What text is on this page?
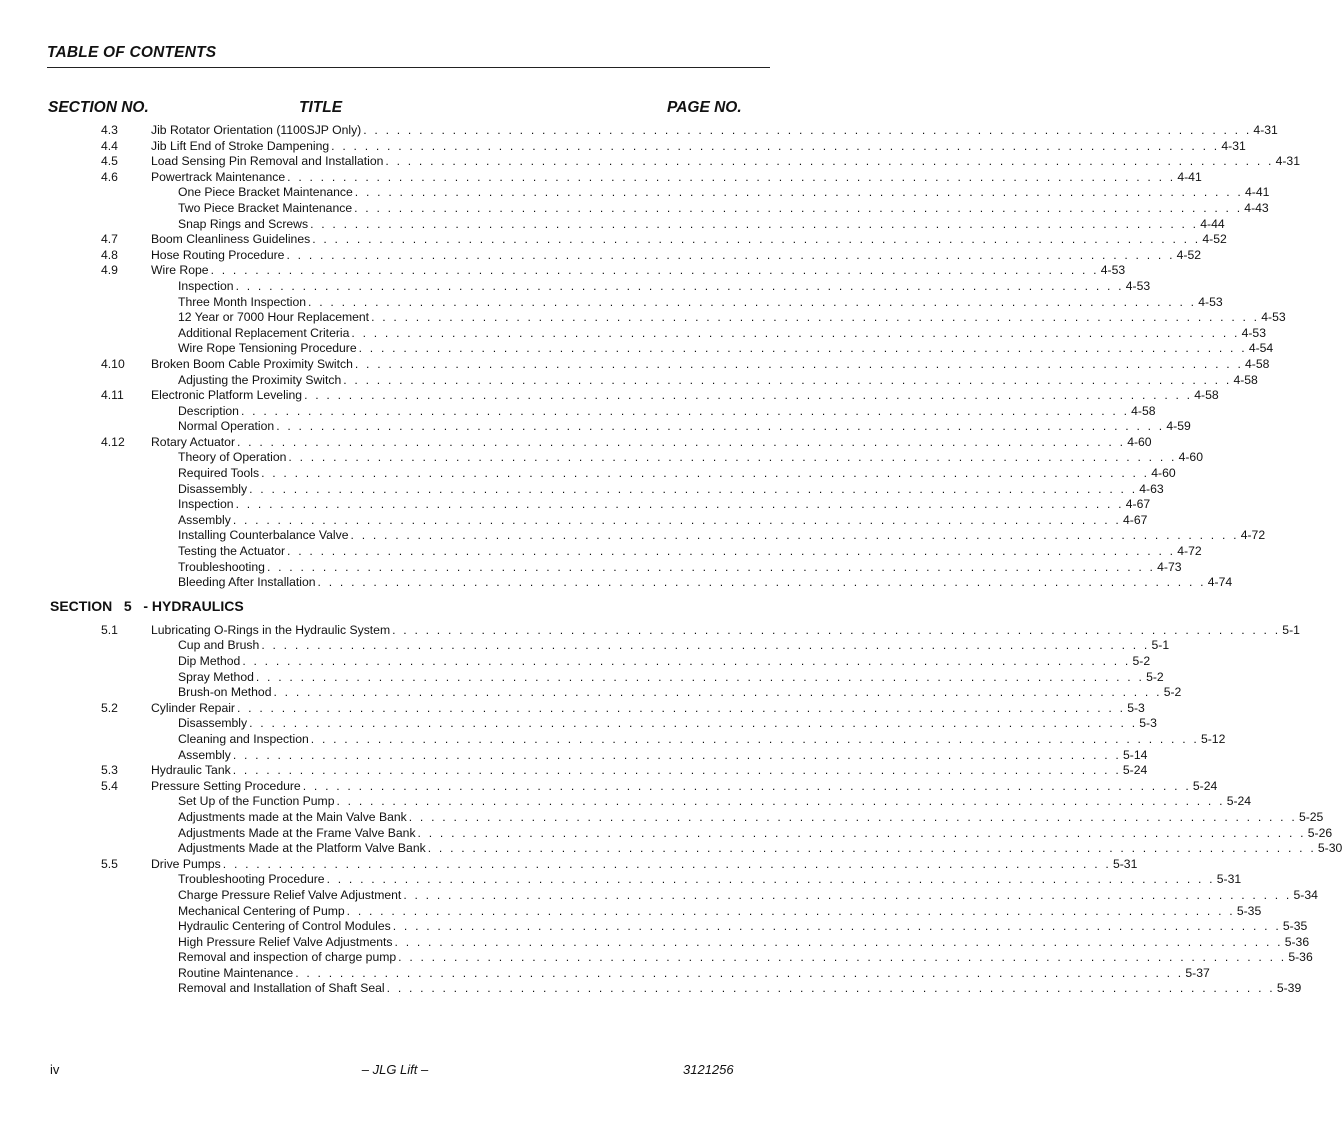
TABLE OF CONTENTS
SECTION NO.	TITLE	PAGE NO.
4.3	Jib Rotator Orientation (1100SJP Only) . . . . . . . . . . . . . . . . . . . . . . . . . . . . . . . . . . . . . . . . . . . . . . . . . . . . . . . . . . . . . . . . . . . . . . . . . . . . . . . . 4-31
4.4	Jib Lift End of Stroke Dampening . . . . . . . . . . . . . . . . . . . . . . . . . . . . . . . . . . . . . . . . . . . . . . . . . . . . . . . . . . . . . . . . . . . . . . . . . . . . . . . . 4-31
4.5	Load Sensing Pin Removal and Installation . . . . . . . . . . . . . . . . . . . . . . . . . . . . . . . . . . . . . . . . . . . . . . . . . . . . . . . . . . . . . . . . . . . . . . . . . . . . . . . . 4-31
4.6	Powertrack Maintenance . . . . . . . . . . . . . . . . . . . . . . . . . . . . . . . . . . . . . . . . . . . . . . . . . . . . . . . . . . . . . . . . . . . . . . . . . . . . . . . . 4-41
One Piece Bracket Maintenance . . . . . . . . . . . . . . . . . . . . . . . . . . . . . . . . . . . . . . . . . . . . . . . . . . . . . . . . . . . . . . . . . . . . . . . . . . . . . . . . 4-41
Two Piece Bracket Maintenance . . . . . . . . . . . . . . . . . . . . . . . . . . . . . . . . . . . . . . . . . . . . . . . . . . . . . . . . . . . . . . . . . . . . . . . . . . . . . . . . 4-43
Snap Rings and Screws . . . . . . . . . . . . . . . . . . . . . . . . . . . . . . . . . . . . . . . . . . . . . . . . . . . . . . . . . . . . . . . . . . . . . . . . . . . . . . . . 4-44
4.7	Boom Cleanliness Guidelines . . . . . . . . . . . . . . . . . . . . . . . . . . . . . . . . . . . . . . . . . . . . . . . . . . . . . . . . . . . . . . . . . . . . . . . . . . . . . . . . 4-52
4.8	Hose Routing Procedure . . . . . . . . . . . . . . . . . . . . . . . . . . . . . . . . . . . . . . . . . . . . . . . . . . . . . . . . . . . . . . . . . . . . . . . . . . . . . . . . 4-52
4.9	Wire Rope . . . . . . . . . . . . . . . . . . . . . . . . . . . . . . . . . . . . . . . . . . . . . . . . . . . . . . . . . . . . . . . . . . . . . . . . . . . . . . . . 4-53
Inspection . . . . . . . . . . . . . . . . . . . . . . . . . . . . . . . . . . . . . . . . . . . . . . . . . . . . . . . . . . . . . . . . . . . . . . . . . . . . . . . . 4-53
Three Month Inspection . . . . . . . . . . . . . . . . . . . . . . . . . . . . . . . . . . . . . . . . . . . . . . . . . . . . . . . . . . . . . . . . . . . . . . . . . . . . . . . . 4-53
12 Year or 7000 Hour Replacement . . . . . . . . . . . . . . . . . . . . . . . . . . . . . . . . . . . . . . . . . . . . . . . . . . . . . . . . . . . . . . . . . . . . . . . . . . . . . . . . 4-53
Additional Replacement Criteria . . . . . . . . . . . . . . . . . . . . . . . . . . . . . . . . . . . . . . . . . . . . . . . . . . . . . . . . . . . . . . . . . . . . . . . . . . . . . . . . 4-53
Wire Rope Tensioning Procedure . . . . . . . . . . . . . . . . . . . . . . . . . . . . . . . . . . . . . . . . . . . . . . . . . . . . . . . . . . . . . . . . . . . . . . . . . . . . . . . . 4-54
4.10 Broken Boom Cable Proximity Switch . . . . . . . . . . . . . . . . . . . . . . . . . . . . . . . . . . . . . . . . . . . . . . . . . . . . . . . . . . . . . . . . . . . . . . . . . . . . . . . . 4-58
Adjusting the Proximity Switch . . . . . . . . . . . . . . . . . . . . . . . . . . . . . . . . . . . . . . . . . . . . . . . . . . . . . . . . . . . . . . . . . . . . . . . . . . . . . . . . 4-58
4.11 Electronic Platform Leveling . . . . . . . . . . . . . . . . . . . . . . . . . . . . . . . . . . . . . . . . . . . . . . . . . . . . . . . . . . . . . . . . . . . . . . . . . . . . . . . . 4-58
Description . . . . . . . . . . . . . . . . . . . . . . . . . . . . . . . . . . . . . . . . . . . . . . . . . . . . . . . . . . . . . . . . . . . . . . . . . . . . . . . . 4-58
Normal Operation . . . . . . . . . . . . . . . . . . . . . . . . . . . . . . . . . . . . . . . . . . . . . . . . . . . . . . . . . . . . . . . . . . . . . . . . . . . . . . . . 4-59
4.12 Rotary Actuator . . . . . . . . . . . . . . . . . . . . . . . . . . . . . . . . . . . . . . . . . . . . . . . . . . . . . . . . . . . . . . . . . . . . . . . . . . . . . . . . 4-60
Theory of Operation . . . . . . . . . . . . . . . . . . . . . . . . . . . . . . . . . . . . . . . . . . . . . . . . . . . . . . . . . . . . . . . . . . . . . . . . . . . . . . . . 4-60
Required Tools . . . . . . . . . . . . . . . . . . . . . . . . . . . . . . . . . . . . . . . . . . . . . . . . . . . . . . . . . . . . . . . . . . . . . . . . . . . . . . . . 4-60
Disassembly . . . . . . . . . . . . . . . . . . . . . . . . . . . . . . . . . . . . . . . . . . . . . . . . . . . . . . . . . . . . . . . . . . . . . . . . . . . . . . . . 4-63
Inspection . . . . . . . . . . . . . . . . . . . . . . . . . . . . . . . . . . . . . . . . . . . . . . . . . . . . . . . . . . . . . . . . . . . . . . . . . . . . . . . . 4-67
Assembly . . . . . . . . . . . . . . . . . . . . . . . . . . . . . . . . . . . . . . . . . . . . . . . . . . . . . . . . . . . . . . . . . . . . . . . . . . . . . . . . 4-67
Installing Counterbalance Valve . . . . . . . . . . . . . . . . . . . . . . . . . . . . . . . . . . . . . . . . . . . . . . . . . . . . . . . . . . . . . . . . . . . . . . . . . . . . . . . . 4-72
Testing the Actuator . . . . . . . . . . . . . . . . . . . . . . . . . . . . . . . . . . . . . . . . . . . . . . . . . . . . . . . . . . . . . . . . . . . . . . . . . . . . . . . . 4-72
Troubleshooting . . . . . . . . . . . . . . . . . . . . . . . . . . . . . . . . . . . . . . . . . . . . . . . . . . . . . . . . . . . . . . . . . . . . . . . . . . . . . . . . 4-73
Bleeding After Installation . . . . . . . . . . . . . . . . . . . . . . . . . . . . . . . . . . . . . . . . . . . . . . . . . . . . . . . . . . . . . . . . . . . . . . . . . . . . . . . . 4-74
SECTION   5   - HYDRAULICS
5.1	Lubricating O-Rings in the Hydraulic System . . . . . . . . . . . . . . . . . . . . . . . . . . . . . . . . . . . . . . . . . . . . . . . . . . . . . . . . . . . . . . . . . . . . . . . . . . . . . . . . 5-1
Cup and Brush . . . . . . . . . . . . . . . . . . . . . . . . . . . . . . . . . . . . . . . . . . . . . . . . . . . . . . . . . . . . . . . . . . . . . . . . . . . . . . . . 5-1
Dip Method . . . . . . . . . . . . . . . . . . . . . . . . . . . . . . . . . . . . . . . . . . . . . . . . . . . . . . . . . . . . . . . . . . . . . . . . . . . . . . . . 5-2
Spray Method . . . . . . . . . . . . . . . . . . . . . . . . . . . . . . . . . . . . . . . . . . . . . . . . . . . . . . . . . . . . . . . . . . . . . . . . . . . . . . . . 5-2
Brush-on Method . . . . . . . . . . . . . . . . . . . . . . . . . . . . . . . . . . . . . . . . . . . . . . . . . . . . . . . . . . . . . . . . . . . . . . . . . . . . . . . . 5-2
5.2	Cylinder Repair . . . . . . . . . . . . . . . . . . . . . . . . . . . . . . . . . . . . . . . . . . . . . . . . . . . . . . . . . . . . . . . . . . . . . . . . . . . . . . . . 5-3
Disassembly . . . . . . . . . . . . . . . . . . . . . . . . . . . . . . . . . . . . . . . . . . . . . . . . . . . . . . . . . . . . . . . . . . . . . . . . . . . . . . . . 5-3
Cleaning and Inspection . . . . . . . . . . . . . . . . . . . . . . . . . . . . . . . . . . . . . . . . . . . . . . . . . . . . . . . . . . . . . . . . . . . . . . . . . . . . . . . . 5-12
Assembly . . . . . . . . . . . . . . . . . . . . . . . . . . . . . . . . . . . . . . . . . . . . . . . . . . . . . . . . . . . . . . . . . . . . . . . . . . . . . . . . 5-14
5.3	Hydraulic Tank . . . . . . . . . . . . . . . . . . . . . . . . . . . . . . . . . . . . . . . . . . . . . . . . . . . . . . . . . . . . . . . . . . . . . . . . . . . . . . . . 5-24
5.4	Pressure Setting Procedure . . . . . . . . . . . . . . . . . . . . . . . . . . . . . . . . . . . . . . . . . . . . . . . . . . . . . . . . . . . . . . . . . . . . . . . . . . . . . . . . 5-24
Set Up of the Function Pump . . . . . . . . . . . . . . . . . . . . . . . . . . . . . . . . . . . . . . . . . . . . . . . . . . . . . . . . . . . . . . . . . . . . . . . . . . . . . . . . 5-24
Adjustments made at the Main Valve Bank . . . . . . . . . . . . . . . . . . . . . . . . . . . . . . . . . . . . . . . . . . . . . . . . . . . . . . . . . . . . . . . . . . . . . . . . . . . . . . . . 5-25
Adjustments Made at the Frame Valve Bank . . . . . . . . . . . . . . . . . . . . . . . . . . . . . . . . . . . . . . . . . . . . . . . . . . . . . . . . . . . . . . . . . . . . . . . . . . . . . . . . 5-26
Adjustments Made at the Platform Valve Bank . . . . . . . . . . . . . . . . . . . . . . . . . . . . . . . . . . . . . . . . . . . . . . . . . . . . . . . . . . . . . . . . . . . . . . . . . . . . . . . . 5-30
5.5	Drive Pumps . . . . . . . . . . . . . . . . . . . . . . . . . . . . . . . . . . . . . . . . . . . . . . . . . . . . . . . . . . . . . . . . . . . . . . . . . . . . . . . . 5-31
Troubleshooting Procedure . . . . . . . . . . . . . . . . . . . . . . . . . . . . . . . . . . . . . . . . . . . . . . . . . . . . . . . . . . . . . . . . . . . . . . . . . . . . . . . . 5-31
Charge Pressure Relief Valve Adjustment . . . . . . . . . . . . . . . . . . . . . . . . . . . . . . . . . . . . . . . . . . . . . . . . . . . . . . . . . . . . . . . . . . . . . . . . . . . . . . . . 5-34
Mechanical Centering of Pump . . . . . . . . . . . . . . . . . . . . . . . . . . . . . . . . . . . . . . . . . . . . . . . . . . . . . . . . . . . . . . . . . . . . . . . . . . . . . . . . 5-35
Hydraulic Centering of Control Modules . . . . . . . . . . . . . . . . . . . . . . . . . . . . . . . . . . . . . . . . . . . . . . . . . . . . . . . . . . . . . . . . . . . . . . . . . . . . . . . . 5-35
High Pressure Relief Valve Adjustments . . . . . . . . . . . . . . . . . . . . . . . . . . . . . . . . . . . . . . . . . . . . . . . . . . . . . . . . . . . . . . . . . . . . . . . . . . . . . . . . 5-36
Removal and inspection of charge pump . . . . . . . . . . . . . . . . . . . . . . . . . . . . . . . . . . . . . . . . . . . . . . . . . . . . . . . . . . . . . . . . . . . . . . . . . . . . . . . . 5-36
Routine Maintenance . . . . . . . . . . . . . . . . . . . . . . . . . . . . . . . . . . . . . . . . . . . . . . . . . . . . . . . . . . . . . . . . . . . . . . . . . . . . . . . . 5-37
Removal and Installation of Shaft Seal . . . . . . . . . . . . . . . . . . . . . . . . . . . . . . . . . . . . . . . . . . . . . . . . . . . . . . . . . . . . . . . . . . . . . . . . . . . . . . . . 5-39
iv	– JLG Lift –	3121256
